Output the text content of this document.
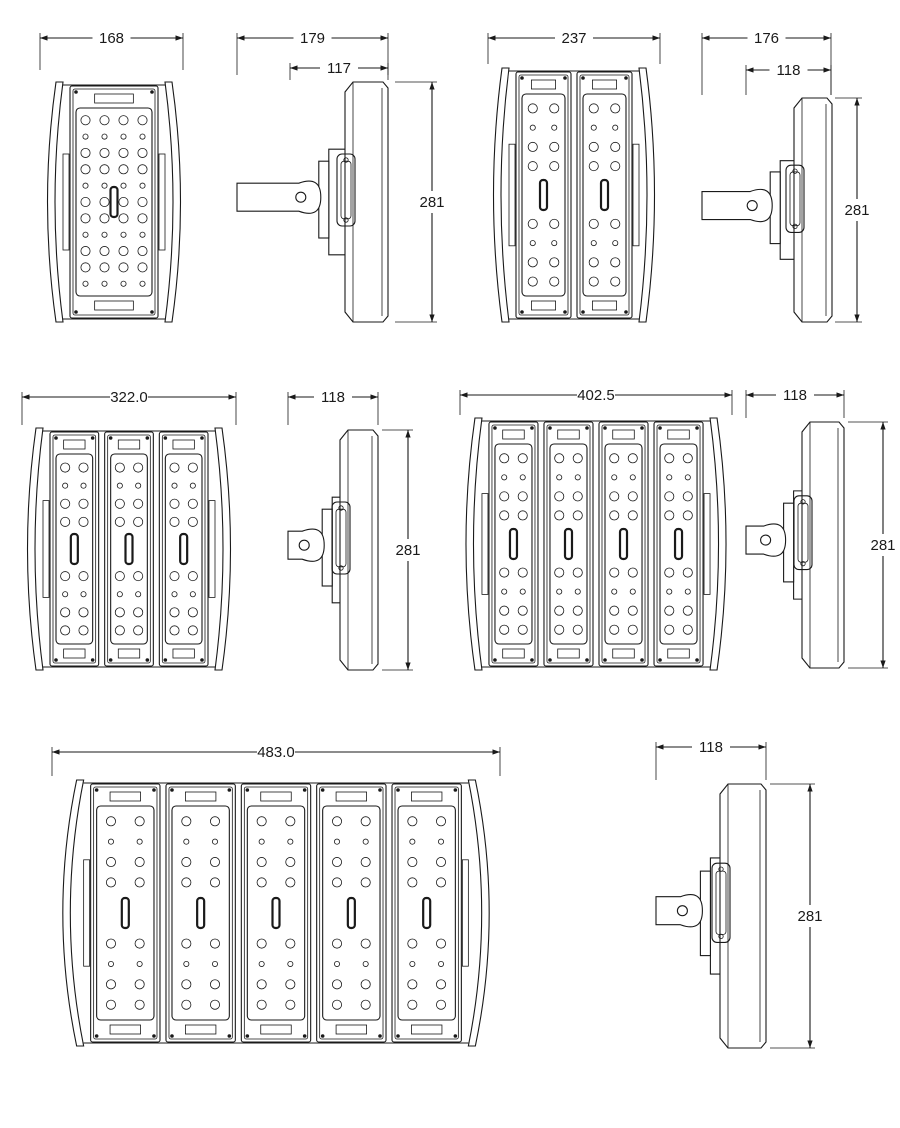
168	179
117
281
237	176
118
281
322.0	118
281
402.5	118
281
483.0	118
281
